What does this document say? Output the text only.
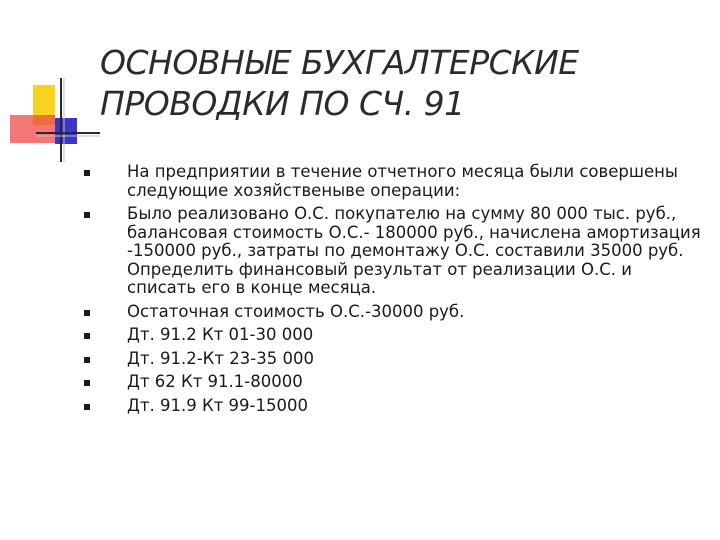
ОСНОВНЫЕ БУХГАЛТЕРСКИЕ ПРОВОДКИ ПО СЧ. 91
На предприятии в течение отчетного месяца были совершены следующие хозяйственыве операции:
Было реализовано О.С. покупателю на сумму 80 000 тыс. руб., балансовая стоимость О.С.- 180000 руб., начислена амортизация -150000 руб., затраты по демонтажу О.С. составили 35000 руб. Определить финансовый результат от реализации О.С. и списать его в конце месяца.
Остаточная стоимость О.С.-30000 руб.
Дт. 91.2 Кт 01-30 000
Дт. 91.2-Кт 23-35 000
Дт 62 Кт 91.1-80000
Дт. 91.9 Кт 99-15000
